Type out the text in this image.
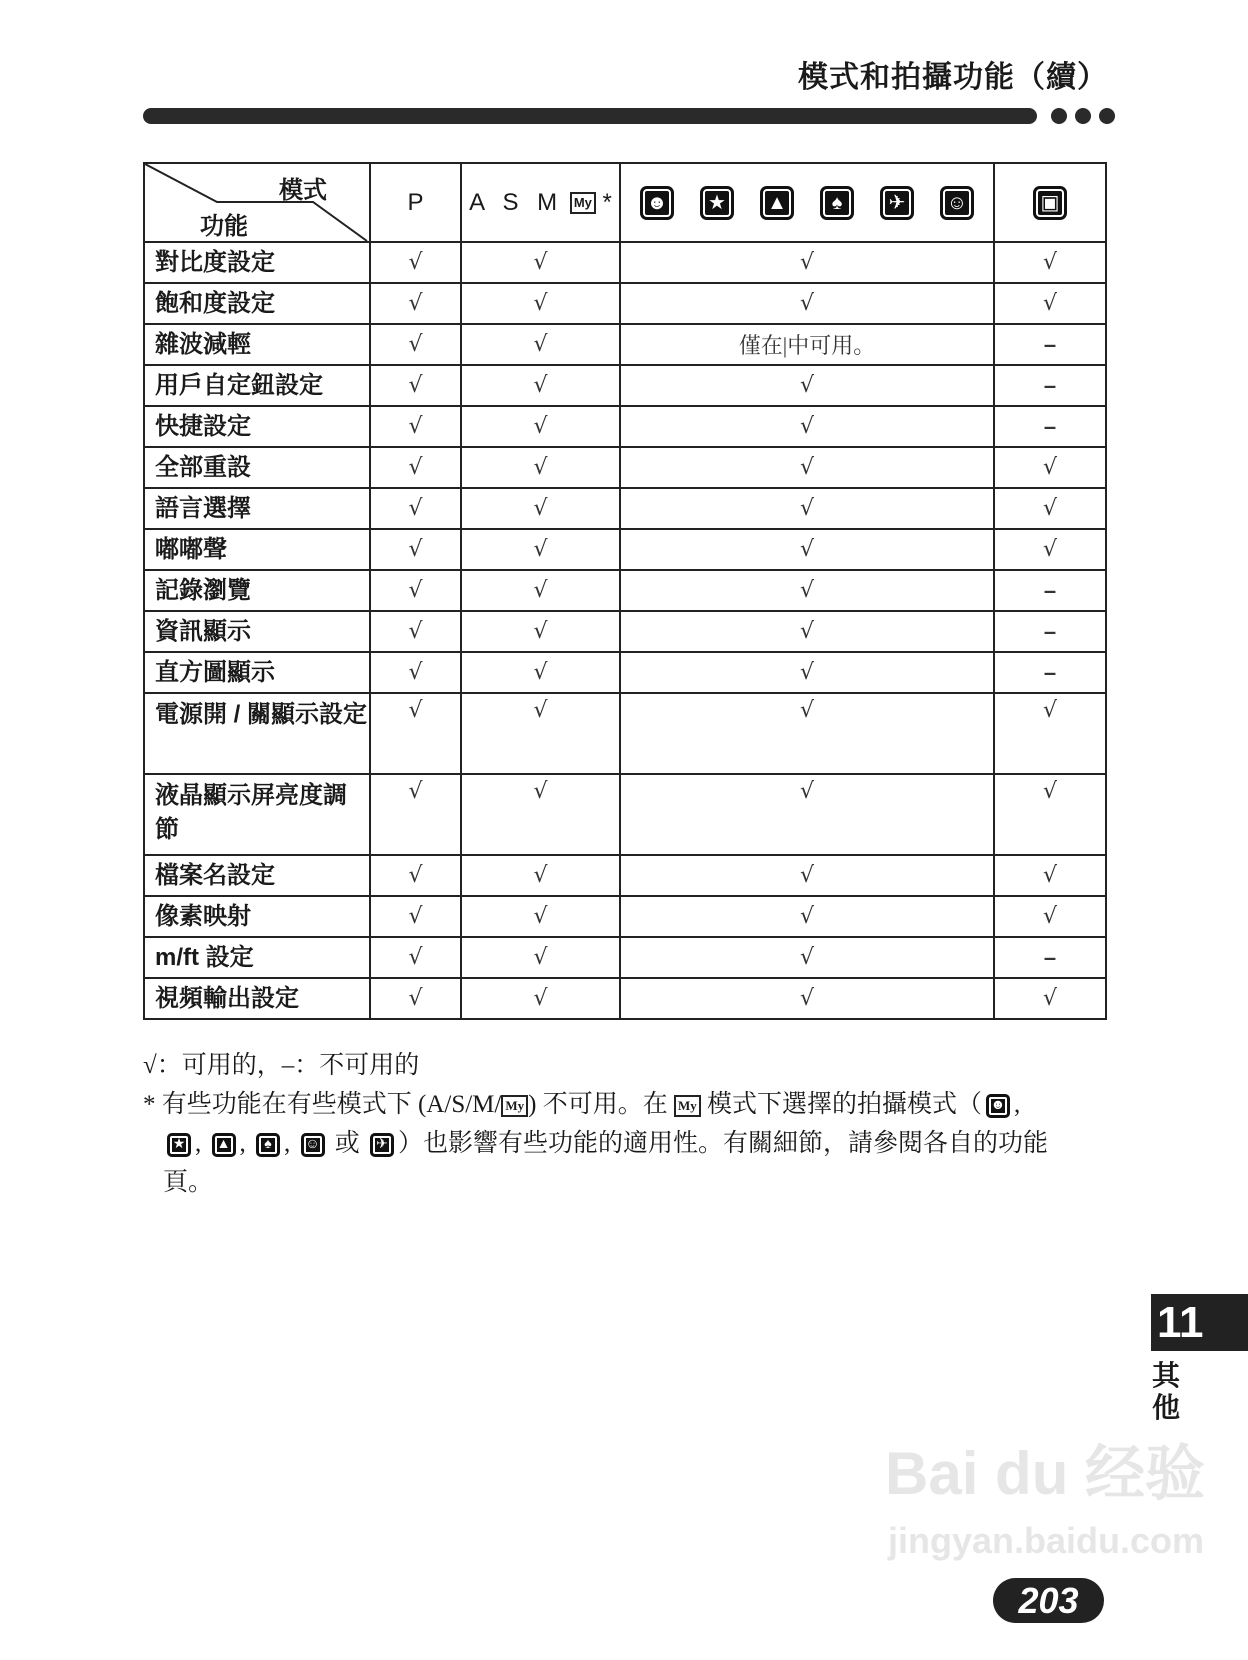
模式和拍攝功能（續）
模式
功能	P	A S M My *	☻ ★ ▲ ♠ ✈ ☺	▣
對比度設定	√	√	√	√
飽和度設定	√	√	√	√
雜波減輕	√	√	僅在|中可用。	–
用戶自定鈕設定	√	√	√	–
快捷設定	√	√	√	–
全部重設	√	√	√	√
語言選擇	√	√	√	√
嘟嘟聲	√	√	√	√
記錄瀏覽	√	√	√	–
資訊顯示	√	√	√	–
直方圖顯示	√	√	√	–
電源開 / 關顯示設定	√	√	√	√
液晶顯示屏亮度調節	√	√	√	√
檔案名設定	√	√	√	√
像素映射	√	√	√	√
m/ft 設定	√	√	√	–
視頻輸出設定	√	√	√	√

√：可用的，–：不可用的

* 有些功能在有些模式下 (A/S/M/ My ) 不可用。在 My 模式下選擇的拍攝模式（ ☻ ,

★ , ▲ , ♠ , ☺ 或 ✈ ）也影響有些功能的適用性。有關細節，請參閱各自的功能

頁。

11
其他
Bai du 经验
jingyan.baidu.com
203
